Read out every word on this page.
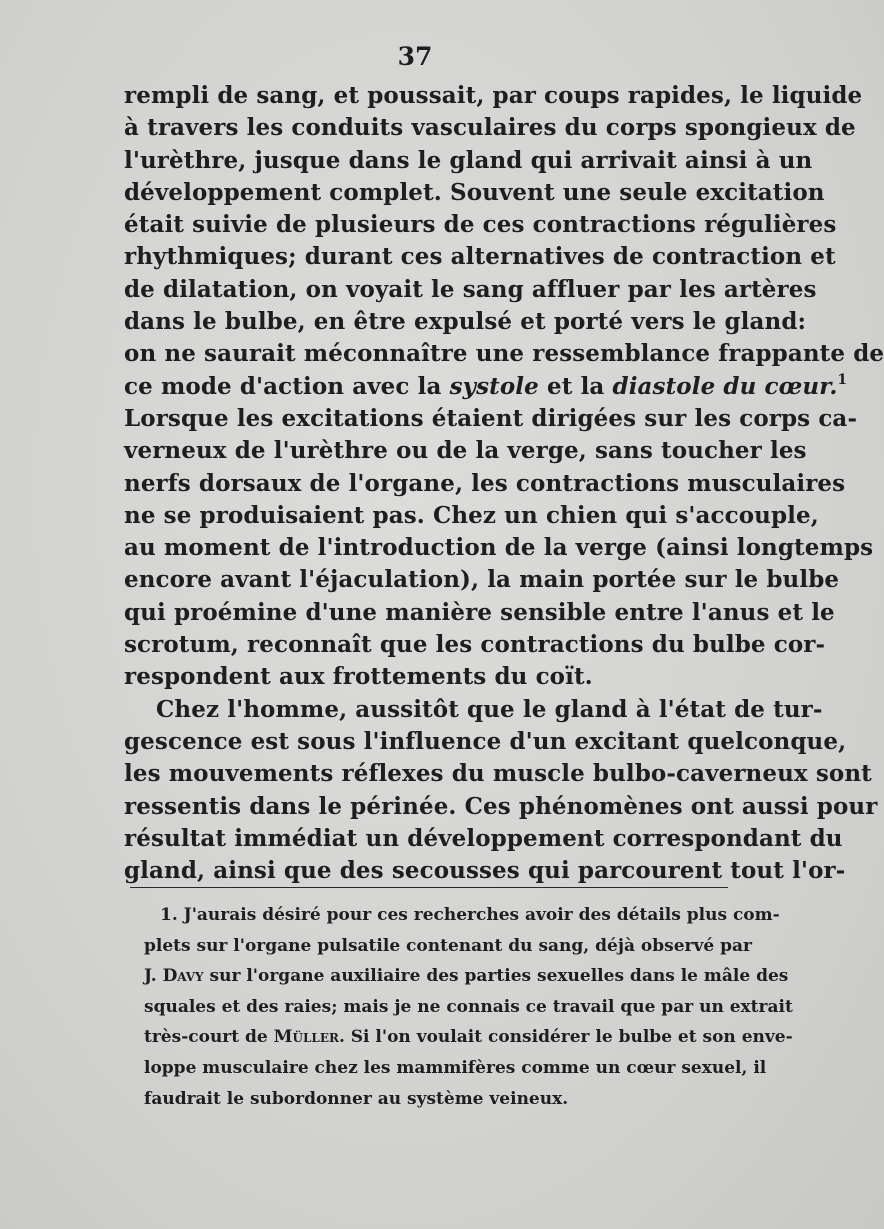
37

rempli de sang, et poussait, par coups rapides, le liquide
à travers les conduits vasculaires du corps spongieux de
l'urèthre, jusque dans le gland qui arrivait ainsi à un
développement complet. Souvent une seule excitation
était suivie de plusieurs de ces contractions régulières
rhythmiques; durant ces alternatives de contraction et
de dilatation, on voyait le sang affluer par les artères
dans le bulbe, en être expulsé et porté vers le gland:
on ne saurait méconnaître une ressemblance frappante de
ce mode d'action avec la systole et la diastole du cœur.$^1$
Lorsque les excitations étaient dirigées sur les corps ca-
verneux de l'urèthre ou de la verge, sans toucher les
nerfs dorsaux de l'organe, les contractions musculaires
ne se produisaient pas. Chez un chien qui s'accouple,
au moment de l'introduction de la verge (ainsi longtemps
encore avant l'éjaculation), la main portée sur le bulbe
qui proémine d'une manière sensible entre l'anus et le
scrotum, reconnaît que les contractions du bulbe cor-
respondent aux frottements du coït.
Chez l'homme, aussitôt que le gland à l'état de tur-
gescence est sous l'influence d'un excitant quelconque,
les mouvements réflexes du muscle bulbo-caverneux sont
ressentis dans le périnée. Ces phénomènes ont aussi pour
résultat immédiat un développement correspondant du
gland, ainsi que des secousses qui parcourent tout l'or-
1. J'aurais désiré pour ces recherches avoir des détails plus com-
plets sur l'organe pulsatile contenant du sang, déjà observé par
J. Davy sur l'organe auxiliaire des parties sexuelles dans le mâle des
squales et des raies; mais je ne connais ce travail que par un extrait
très-court de Müller. Si l'on voulait considérer le bulbe et son enve-
loppe musculaire chez les mammifères comme un cœur sexuel, il
faudrait le subordonner au système veineux.
